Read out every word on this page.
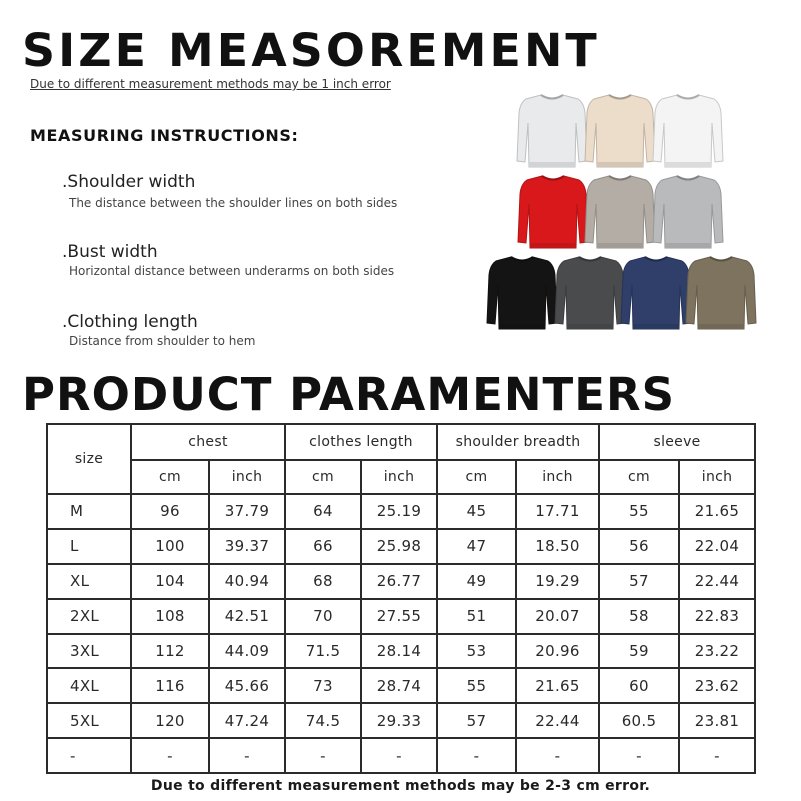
SIZE MEASOREMENT
Due to different measurement methods may be 1 inch error
MEASURING INSTRUCTIONS:
.Shoulder width
The distance between the shoulder lines on both sides
.Bust width
Horizontal distance between underarms on both sides
.Clothing length
Distance from shoulder to hem
PRODUCT PARAMENTERS
size	chest		clothes length		shoulder breadth		sleeve	
	cm	inch	cm	inch	cm	inch	cm	inch
M	96	37.79	64	25.19	45	17.71	55	21.65
L	100	39.37	66	25.98	47	18.50	56	22.04
XL	104	40.94	68	26.77	49	19.29	57	22.44
2XL	108	42.51	70	27.55	51	20.07	58	22.83
3XL	112	44.09	71.5	28.14	53	20.96	59	23.22
4XL	116	45.66	73	28.74	55	21.65	60	23.62
5XL	120	47.24	74.5	29.33	57	22.44	60.5	23.81
-	-	-	-	-	-	-	-	-
Due to different measurement methods may be 2-3 cm error.
